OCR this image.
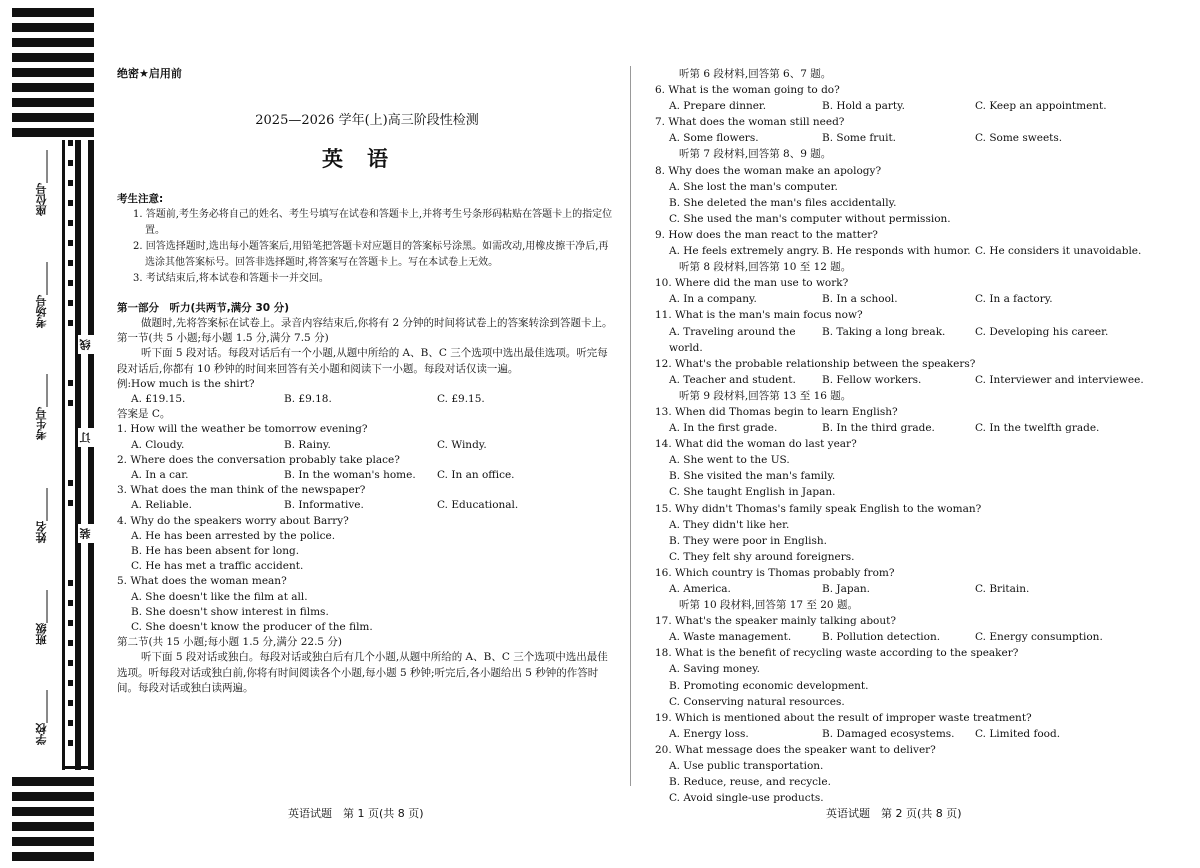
座位号______
考场号______
考生号______
姓名______
班级______
学校______
线
订
装
绝密★启用前
2025—2026 学年(上)高三阶段性检测
英语
考生注意:
1. 答题前,考生务必将自己的姓名、考生号填写在试卷和答题卡上,并将考生号条形码粘贴在答题卡上的指定位置。
2. 回答选择题时,选出每小题答案后,用铅笔把答题卡对应题目的答案标号涂黑。如需改动,用橡皮擦干净后,再选涂其他答案标号。回答非选择题时,将答案写在答题卡上。写在本试卷上无效。
3. 考试结束后,将本试卷和答题卡一并交回。
第一部分　听力(共两节,满分 30 分)
做题时,先将答案标在试卷上。录音内容结束后,你将有 2 分钟的时间将试卷上的答案转涂到答题卡上。
第一节(共 5 小题;每小题 1.5 分,满分 7.5 分)
听下面 5 段对话。每段对话后有一个小题,从题中所给的 A、B、C 三个选项中选出最佳选项。听完每段对话后,你都有 10 秒钟的时间来回答有关小题和阅读下一小题。每段对话仅读一遍。
例:How much is the shirt?
A. £19.15.	B. £9.18.	C. £9.15.
答案是 C。
1. How will the weather be tomorrow evening?
A. Cloudy.	B. Rainy.	C. Windy.
2. Where does the conversation probably take place?
A. In a car.	B. In the woman's home.	C. In an office.
3. What does the man think of the newspaper?
A. Reliable.	B. Informative.	C. Educational.
4. Why do the speakers worry about Barry?
A. He has been arrested by the police.
B. He has been absent for long.
C. He has met a traffic accident.
5. What does the woman mean?
A. She doesn't like the film at all.
B. She doesn't show interest in films.
C. She doesn't know the producer of the film.
第二节(共 15 小题;每小题 1.5 分,满分 22.5 分)
听下面 5 段对话或独白。每段对话或独白后有几个小题,从题中所给的 A、B、C 三个选项中选出最佳选项。听每段对话或独白前,你将有时间阅读各个小题,每小题 5 秒钟;听完后,各小题给出 5 秒钟的作答时间。每段对话或独白读两遍。
听第 6 段材料,回答第 6、7 题。
6. What is the woman going to do?
A. Prepare dinner.	B. Hold a party.	C. Keep an appointment.
7. What does the woman still need?
A. Some flowers.	B. Some fruit.	C. Some sweets.
听第 7 段材料,回答第 8、9 题。
8. Why does the woman make an apology?
A. She lost the man's computer.
B. She deleted the man's files accidentally.
C. She used the man's computer without permission.
9. How does the man react to the matter?
A. He feels extremely angry. B. He responds with humor. C. He considers it unavoidable.
听第 8 段材料,回答第 10 至 12 题。
10. Where did the man use to work?
A. In a company.	B. In a school.	C. In a factory.
11. What is the man's main focus now?
A. Traveling around the world.
B. Taking a long break.	C. Developing his career.
12. What's the probable relationship between the speakers?
A. Teacher and student.	B. Fellow workers.	C. Interviewer and interviewee.
听第 9 段材料,回答第 13 至 16 题。
13. When did Thomas begin to learn English?
A. In the first grade.	B. In the third grade.	C. In the twelfth grade.
14. What did the woman do last year?
A. She went to the US.
B. She visited the man's family.
C. She taught English in Japan.
15. Why didn't Thomas's family speak English to the woman?
A. They didn't like her.
B. They were poor in English.
C. They felt shy around foreigners.
16. Which country is Thomas probably from?
A. America.	B. Japan.	C. Britain.
听第 10 段材料,回答第 17 至 20 题。
17. What's the speaker mainly talking about?
A. Waste management.	B. Pollution detection.	C. Energy consumption.
18. What is the benefit of recycling waste according to the speaker?
A. Saving money.
B. Promoting economic development.
C. Conserving natural resources.
19. Which is mentioned about the result of improper waste treatment?
A. Energy loss.	B. Damaged ecosystems.	C. Limited food.
20. What message does the speaker want to deliver?
A. Use public transportation.
B. Reduce, reuse, and recycle.
C. Avoid single-use products.
英语试题　第 1 页(共 8 页)	英语试题　第 2 页(共 8 页)
